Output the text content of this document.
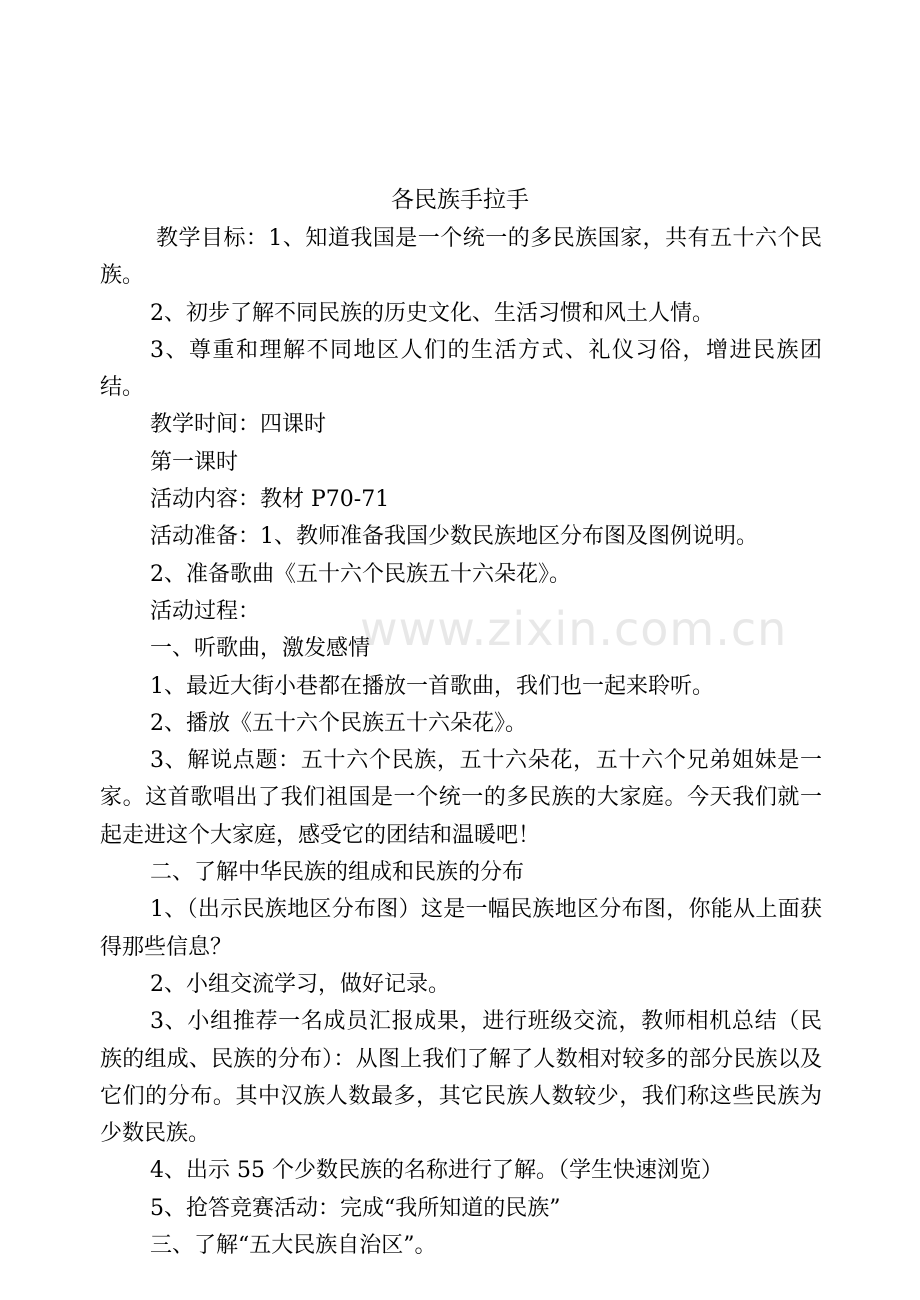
www.zixin.com.cn
各民族手拉手

教学目标：1、知道我国是一个统一的多民族国家，共有五十六个民族。

2、初步了解不同民族的历史文化、生活习惯和风土人情。

3、尊重和理解不同地区人们的生活方式、礼仪习俗，增进民族团结。

教学时间：四课时

第一课时

活动内容：教材 P70-71

活动准备：1、教师准备我国少数民族地区分布图及图例说明。

2、准备歌曲《五十六个民族五十六朵花》。

活动过程：

一、听歌曲，激发感情

1、最近大街小巷都在播放一首歌曲，我们也一起来聆听。

2、播放《五十六个民族五十六朵花》。

3、解说点题：五十六个民族，五十六朵花，五十六个兄弟姐妹是一家。这首歌唱出了我们祖国是一个统一的多民族的大家庭。今天我们就一起走进这个大家庭，感受它的团结和温暖吧！

二、了解中华民族的组成和民族的分布

1、（出示民族地区分布图）这是一幅民族地区分布图，你能从上面获得那些信息？

2、小组交流学习，做好记录。

3、小组推荐一名成员汇报成果，进行班级交流，教师相机总结（民族的组成、民族的分布）：从图上我们了解了人数相对较多的部分民族以及它们的分布。其中汉族人数最多，其它民族人数较少，我们称这些民族为少数民族。

4、出示 55 个少数民族的名称进行了解。（学生快速浏览）

5、抢答竞赛活动：完成“我所知道的民族”

三、了解“五大民族自治区”。
